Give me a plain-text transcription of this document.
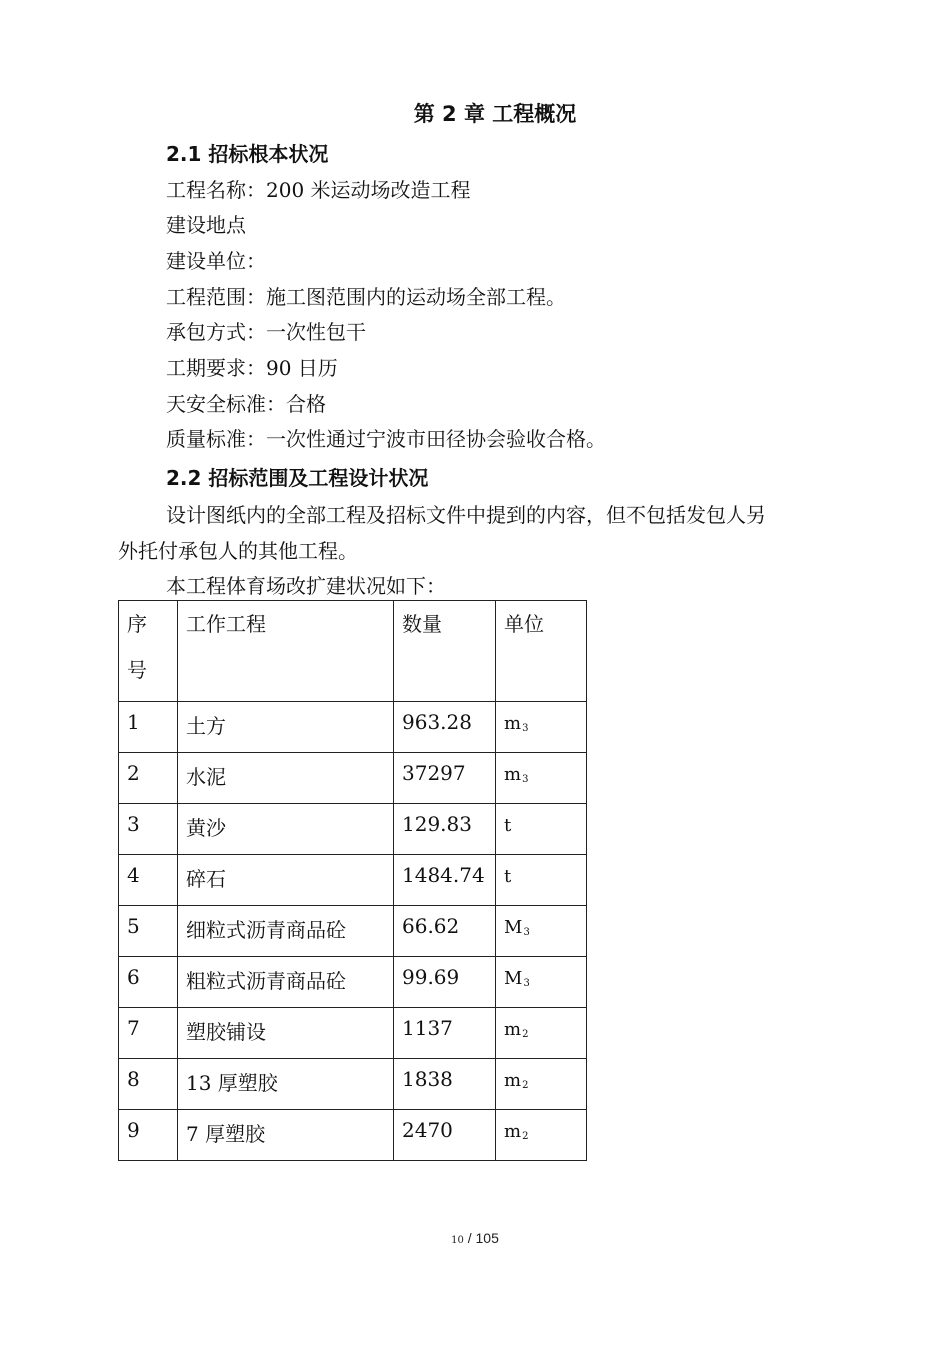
第 2 章 工程概况
2.1 招标根本状况
工程名称：200 米运动场改造工程
建设地点
建设单位：
工程范围：施工图范围内的运动场全部工程。
承包方式：一次性包干
工期要求：90 日历
天安全标准：合格
质量标准：一次性通过宁波市田径协会验收合格。
2.2 招标范围及工程设计状况
设计图纸内的全部工程及招标文件中提到的内容，但不包括发包人另
外托付承包人的其他工程。
本工程体育场改扩建状况如下：
序
号	工作工程	数量	单位
1	土方	963.28	$m^3$
2	水泥	37297	$m^3$
3	黄沙	129.83	t
4	碎石	1484.74	t
5	细粒式沥青商品砼	66.62	$M^3$
6	粗粒式沥青商品砼	99.69	$M^3$
7	塑胶铺设	1137	$m^2$
8	13 厚塑胶	1838	$m^2$
9	7 厚塑胶	2470	$m^2$
10 / 105
